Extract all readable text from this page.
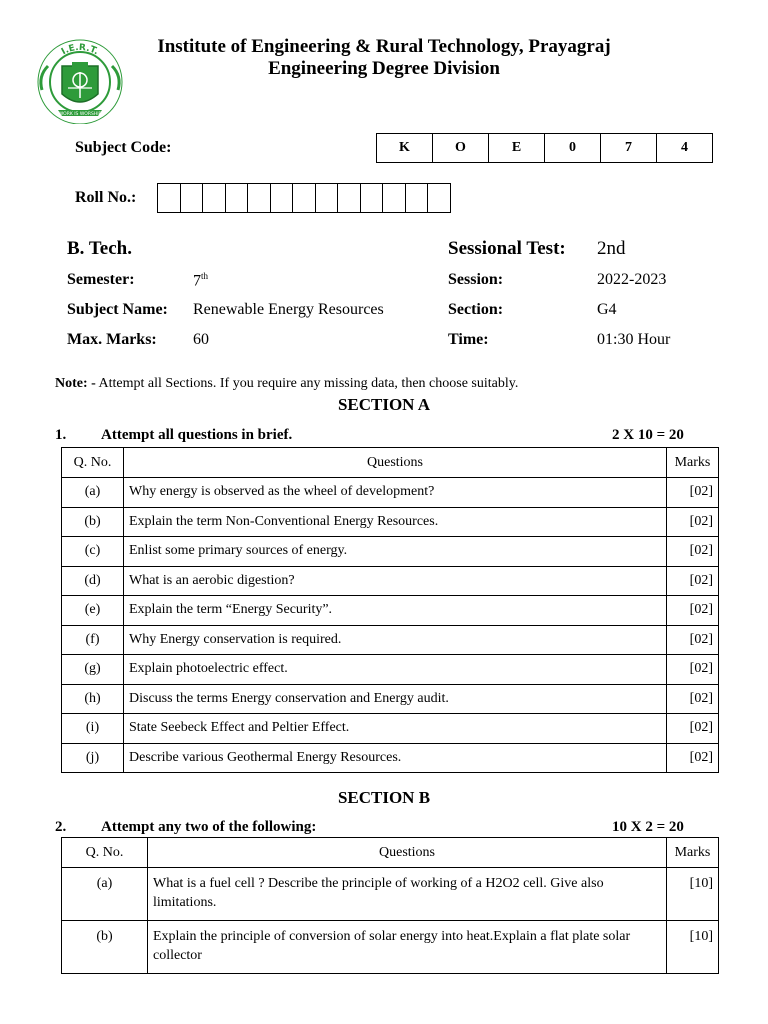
I.E.R.T.
WORK IS WORSHIP
Institute of Engineering & Rural Technology, Prayagraj
Engineering Degree Division
Subject Code:	K	O	E	0	7	4
Roll No.:

B. Tech.	Sessional Test: 2nd
Semester:	7th	Session:	2022-2023
Subject Name: Renewable Energy Resources	Section:	G4
Max. Marks: 60	Time:	01:30 Hour
Note: - Attempt all Sections. If you require any missing data, then choose suitably.
SECTION A
1. Attempt all questions in brief.	2 X 10 = 20
Q. No.	Questions	Marks
(a)	Why energy is observed as the wheel of development?	[02]
(b)	Explain the term Non-Conventional Energy Resources.	[02]
(c)	Enlist some primary sources of energy.	[02]
(d)	What is an aerobic digestion?	[02]
(e)	Explain the term “Energy Security”.	[02]
(f)	Why Energy conservation is required.	[02]
(g)	Explain photoelectric effect.	[02]
(h)	Discuss the terms Energy conservation and Energy audit.	[02]
(i)	State Seebeck Effect and Peltier Effect.	[02]
(j)	Describe various Geothermal Energy Resources.	[02]
SECTION B
2. Attempt any two of the following:	10 X 2 = 20
Q. No.	Questions	Marks
(a)	What is a fuel cell ? Describe the principle of working of a H2O2 cell. Give also limitations.	[10]
(b)	Explain the principle of conversion of solar energy into heat.Explain a flat plate solar collector	[10]
